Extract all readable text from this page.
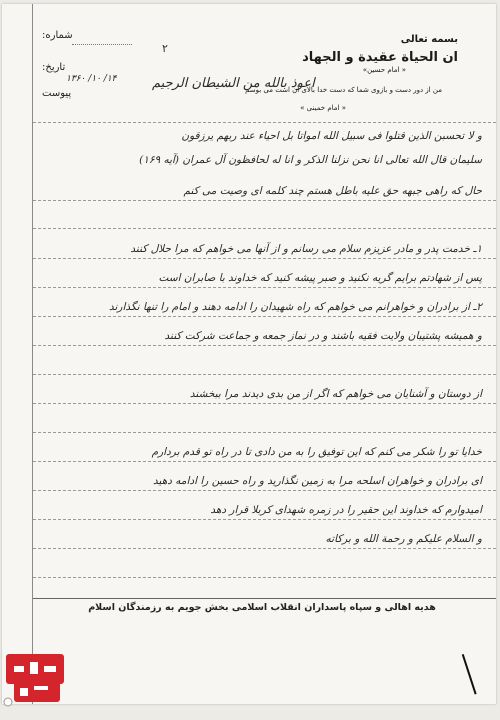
شماره:
تاریخ:
۱۴/ ۱۰/ ۱۳۶۰
پیوست
بسمه تعالی
ان الحیاة عقیدة و الجهاد
« امام حسین»
من از دور دست و بازوی شما که دست خدا بالای آن است می بوسم
« امام خمینی »
۲
اعوذ بالله من الشیطان الرجیم
و لا تحسبن الذین قتلوا فی سبیل الله امواتا بل احیاء عند ربهم یرزقون
سلیمان قال الله تعالی انا نحن نزلنا الذکر و انا له لحافظون آل عمران (آیه ۱۶۹)
حال که راهی جبهه حق علیه باطل هستم چند کلمه ای وصیت می کنم
۱ـ خدمت پدر و مادر عزیزم سلام می رسانم و از آنها می خواهم که مرا حلال کنند
پس از شهادتم برایم گریه نکنید و صبر پیشه کنید که خداوند با صابران است
۲ـ از برادران و خواهرانم می خواهم که راه شهیدان را ادامه دهند و امام را تنها نگذارند
و همیشه پشتیبان ولایت فقیه باشند و در نماز جمعه و جماعت شرکت کنند
از دوستان و آشنایان می خواهم که اگر از من بدی دیدند مرا ببخشند
خدایا تو را شکر می کنم که این توفیق را به من دادی تا در راه تو قدم بردارم
ای برادران و خواهران اسلحه مرا به زمین نگذارید و راه حسین را ادامه دهید
امیدوارم که خداوند این حقیر را در زمره شهدای کربلا قرار دهد
و السلام علیکم و رحمة الله و برکاته
هدیه اهالی و سپاه پاسداران انقلاب اسلامی بخش جویم به رزمندگان اسلام
